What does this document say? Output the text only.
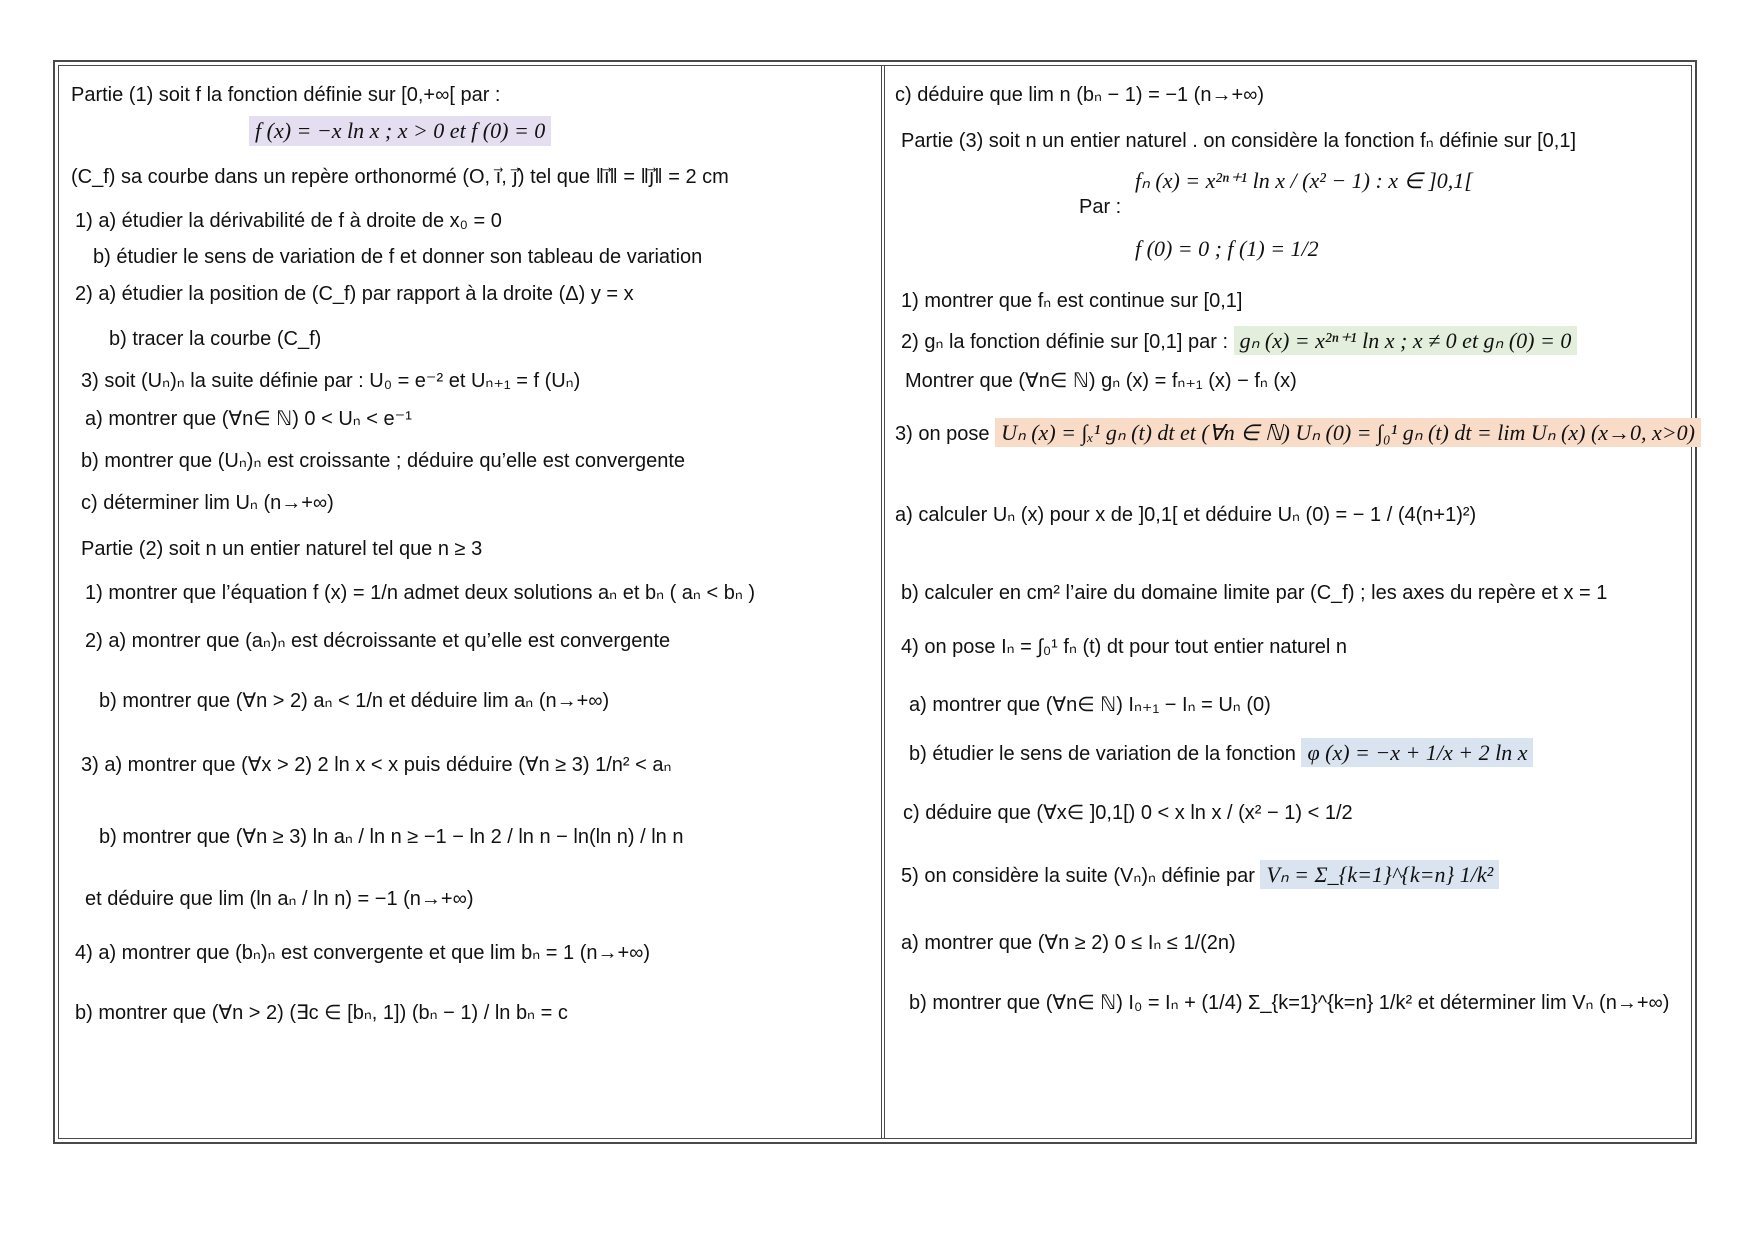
Partie (1) soit f la fonction définie sur [0,+∞[ par :
f (x) = −x ln x ; x > 0 et f (0) = 0
(C_f) sa courbe dans un repère orthonormé (O, i⃗, j⃗) tel que ‖i⃗‖ = ‖j⃗‖ = 2 cm
1) a) étudier la dérivabilité de f à droite de x₀ = 0
b) étudier le sens de variation de f et donner son tableau de variation
2) a) étudier la position de (C_f) par rapport à la droite (Δ) y = x
b) tracer la courbe (C_f)
3) soit (Uₙ)ₙ la suite définie par : U₀ = e⁻² et Uₙ₊₁ = f (Uₙ)
a) montrer que (∀n∈ ℕ) 0 < Uₙ < e⁻¹
b) montrer que (Uₙ)ₙ est croissante ; déduire qu’elle est convergente
c) déterminer lim Uₙ (n→+∞)
Partie (2) soit n un entier naturel tel que n ≥ 3
1) montrer que l’équation f (x) = 1/n admet deux solutions aₙ et bₙ ( aₙ < bₙ )
2) a) montrer que (aₙ)ₙ est décroissante et qu’elle est convergente
b) montrer que (∀n > 2) aₙ < 1/n et déduire lim aₙ (n→+∞)
3) a) montrer que (∀x > 2) 2 ln x < x puis déduire (∀n ≥ 3) 1/n² < aₙ
b) montrer que (∀n ≥ 3) ln aₙ / ln n ≥ −1 − ln 2 / ln n − ln(ln n) / ln n
et déduire que lim (ln aₙ / ln n) = −1 (n→+∞)
4) a) montrer que (bₙ)ₙ est convergente et que lim bₙ = 1 (n→+∞)
b) montrer que (∀n > 2) (∃c ∈ [bₙ, 1]) (bₙ − 1) / ln bₙ = c
c) déduire que lim n (bₙ − 1) = −1 (n→+∞)
Partie (3) soit n un entier naturel . on considère la fonction fₙ définie sur [0,1]
Par :
fₙ (x) = x²ⁿ⁺¹ ln x / (x² − 1) : x ∈ ]0,1[
f (0) = 0 ; f (1) = 1/2
1) montrer que fₙ est continue sur [0,1]
2) gₙ la fonction définie sur [0,1] par : gₙ (x) = x²ⁿ⁺¹ ln x ; x ≠ 0 et gₙ (0) = 0
Montrer que (∀n∈ ℕ) gₙ (x) = fₙ₊₁ (x) − fₙ (x)
3) on pose Uₙ (x) = ∫ₓ¹ gₙ (t) dt et (∀n ∈ ℕ) Uₙ (0) = ∫₀¹ gₙ (t) dt = lim Uₙ (x) (x→0, x>0)
a) calculer Uₙ (x) pour x de ]0,1[ et déduire Uₙ (0) = − 1 / (4(n+1)²)
b) calculer en cm² l’aire du domaine limite par (C_f) ; les axes du repère et x = 1
4) on pose Iₙ = ∫₀¹ fₙ (t) dt pour tout entier naturel n
a) montrer que (∀n∈ ℕ) Iₙ₊₁ − Iₙ = Uₙ (0)
b) étudier le sens de variation de la fonction φ (x) = −x + 1/x + 2 ln x
c) déduire que (∀x∈ ]0,1[) 0 < x ln x / (x² − 1) < 1/2
5) on considère la suite (Vₙ)ₙ définie par Vₙ = Σ_{k=1}^{k=n} 1/k²
a) montrer que (∀n ≥ 2) 0 ≤ Iₙ ≤ 1/(2n)
b) montrer que (∀n∈ ℕ) I₀ = Iₙ + (1/4) Σ_{k=1}^{k=n} 1/k² et déterminer lim Vₙ (n→+∞)
